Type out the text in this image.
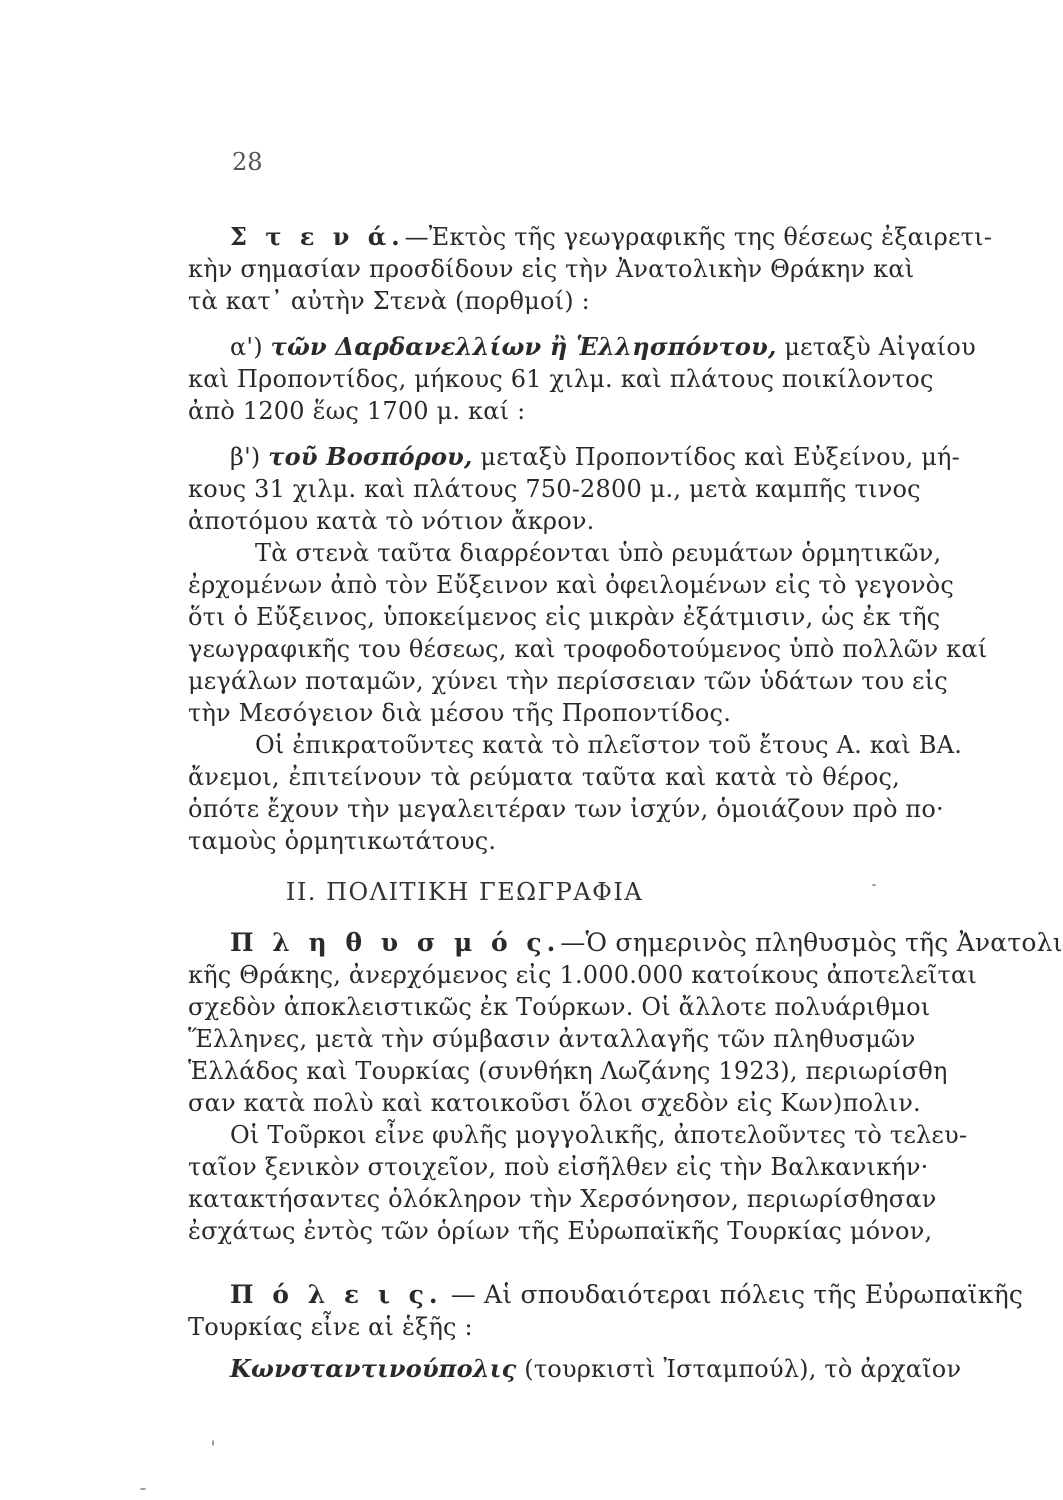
28
Σ τ ε ν ά.—Ἐκτὸς τῆς γεωγραφικῆς της θέσεως ἐξαιρετι-
κὴν σημασίαν προσδίδουν εἰς τὴν Ἀνατολικὴν Θράκην καὶ
τὰ κατ᾽ αὐτὴν Στενὰ (πορθμοί) :
α') τῶν Δαρδανελλίων ἢ Ἑλλησπόντου, μεταξὺ Αἰγαίου
καὶ Προποντίδος, μήκους 61 χιλμ. καὶ πλάτους ποικίλοντος
ἀπὸ 1200 ἕως 1700 μ. καί :
β') τοῦ Βοσπόρου, μεταξὺ Προποντίδος καὶ Εὐξείνου, μή-
κους 31 χιλμ. καὶ πλάτους 750-2800 μ., μετὰ καμπῆς τινος
ἀποτόμου κατὰ τὸ νότιον ἄκρον.
Τὰ στενὰ ταῦτα διαρρέονται ὑπὸ ρευμάτων ὁρμητικῶν,
ἐρχομένων ἀπὸ τὸν Εὔξεινον καὶ ὀφειλομένων εἰς τὸ γεγονὸς
ὅτι ὁ Εὔξεινος, ὑποκείμενος εἰς μικρὰν ἐξάτμισιν, ὡς ἐκ τῆς
γεωγραφικῆς του θέσεως, καὶ τροφοδοτούμενος ὑπὸ πολλῶν καί
μεγάλων ποταμῶν, χύνει τὴν περίσσειαν τῶν ὑδάτων του εἰς
τὴν Μεσόγειον διὰ μέσου τῆς Προποντίδος.
Οἱ ἐπικρατοῦντες κατὰ τὸ πλεῖστον τοῦ ἔτους Α. καὶ ΒΑ.
ἄνεμοι, ἐπιτείνουν τὰ ρεύματα ταῦτα καὶ κατὰ τὸ θέρος,
ὁπότε ἔχουν τὴν μεγαλειτέραν των ἰσχύν, ὁμοιάζουν πρὸ πο·
ταμοὺς ὁρμητικωτάτους.
II. ΠΟΛΙΤΙΚΗ ΓΕΩΓΡΑΦΙΑ
Π λ η θ υ σ μ ό ς.—Ὁ σημερινὸς πληθυσμὸς τῆς Ἀνατολι
κῆς Θράκης, ἀνερχόμενος εἰς 1.000.000 κατοίκους ἀποτελεῖται
σχεδὸν ἀποκλειστικῶς ἐκ Τούρκων. Οἱ ἄλλοτε πολυάριθμοι
Ἕλληνες, μετὰ τὴν σύμβασιν ἀνταλλαγῆς τῶν πληθυσμῶν
Ἑλλάδος καὶ Τουρκίας (συνθήκη Λωζάνης 1923), περιωρίσθη
σαν κατὰ πολὺ καὶ κατοικοῦσι ὅλοι σχεδὸν εἰς Κων)πολιν.
Οἱ Τοῦρκοι εἶνε φυλῆς μογγολικῆς, ἀποτελοῦντες τὸ τελευ-
ταῖον ξενικὸν στοιχεῖον, ποὺ εἰσῆλθεν εἰς τὴν Βαλκανικήν·
κατακτήσαντες ὁλόκληρον τὴν Χερσόνησον, περιωρίσθησαν
ἐσχάτως ἐντὸς τῶν ὁρίων τῆς Εὐρωπαϊκῆς Τουρκίας μόνον,
Π ό λ ε ι ς. — Αἱ σπουδαιότεραι πόλεις τῆς Εὐρωπαϊκῆς
Τουρκίας εἶνε αἱ ἑξῆς :
Κωνσταντινούπολις (τουρκιστὶ Ἰσταμπούλ), τὸ ἀρχαῖον
